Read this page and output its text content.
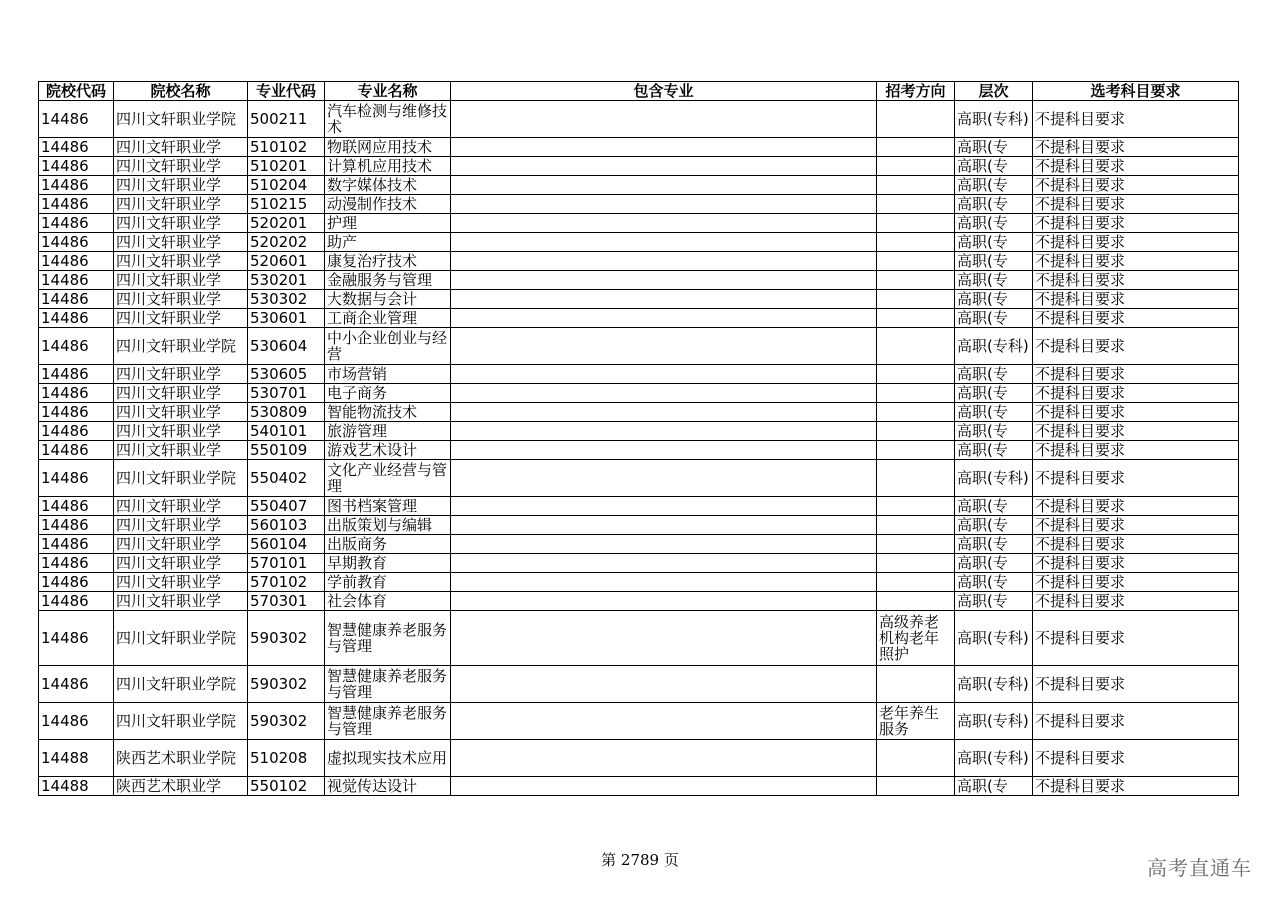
院校代码	院校名称	专业代码	专业名称	包含专业	招考方向	层次	选考科目要求

14486	四川文轩职业学院	500211	汽车检测与维修技术			高职(专科)	不提科目要求

14486	四川文轩职业学	510102	物联网应用技术			高职(专	不提科目要求

14486	四川文轩职业学	510201	计算机应用技术			高职(专	不提科目要求

14486	四川文轩职业学	510204	数字媒体技术			高职(专	不提科目要求

14486	四川文轩职业学	510215	动漫制作技术			高职(专	不提科目要求

14486	四川文轩职业学	520201	护理			高职(专	不提科目要求

14486	四川文轩职业学	520202	助产			高职(专	不提科目要求

14486	四川文轩职业学	520601	康复治疗技术			高职(专	不提科目要求

14486	四川文轩职业学	530201	金融服务与管理			高职(专	不提科目要求

14486	四川文轩职业学	530302	大数据与会计			高职(专	不提科目要求

14486	四川文轩职业学	530601	工商企业管理			高职(专	不提科目要求

14486	四川文轩职业学院	530604	中小企业创业与经营			高职(专科)	不提科目要求

14486	四川文轩职业学	530605	市场营销			高职(专	不提科目要求

14486	四川文轩职业学	530701	电子商务			高职(专	不提科目要求

14486	四川文轩职业学	530809	智能物流技术			高职(专	不提科目要求

14486	四川文轩职业学	540101	旅游管理			高职(专	不提科目要求

14486	四川文轩职业学	550109	游戏艺术设计			高职(专	不提科目要求

14486	四川文轩职业学院	550402	文化产业经营与管理			高职(专科)	不提科目要求

14486	四川文轩职业学	550407	图书档案管理			高职(专	不提科目要求

14486	四川文轩职业学	560103	出版策划与编辑			高职(专	不提科目要求

14486	四川文轩职业学	560104	出版商务			高职(专	不提科目要求

14486	四川文轩职业学	570101	早期教育			高职(专	不提科目要求

14486	四川文轩职业学	570102	学前教育			高职(专	不提科目要求

14486	四川文轩职业学	570301	社会体育			高职(专	不提科目要求

14486	四川文轩职业学院	590302	智慧健康养老服务与管理		高级养老机构老年照护	高职(专科)	不提科目要求

14486	四川文轩职业学院	590302	智慧健康养老服务与管理			高职(专科)	不提科目要求

14486	四川文轩职业学院	590302	智慧健康养老服务与管理		老年养生服务	高职(专科)	不提科目要求

14488	陕西艺术职业学院	510208	虚拟现实技术应用			高职(专科)	不提科目要求

14488	陕西艺术职业学	550102	视觉传达设计			高职(专	不提科目要求
第 2789 页	高考直通车
